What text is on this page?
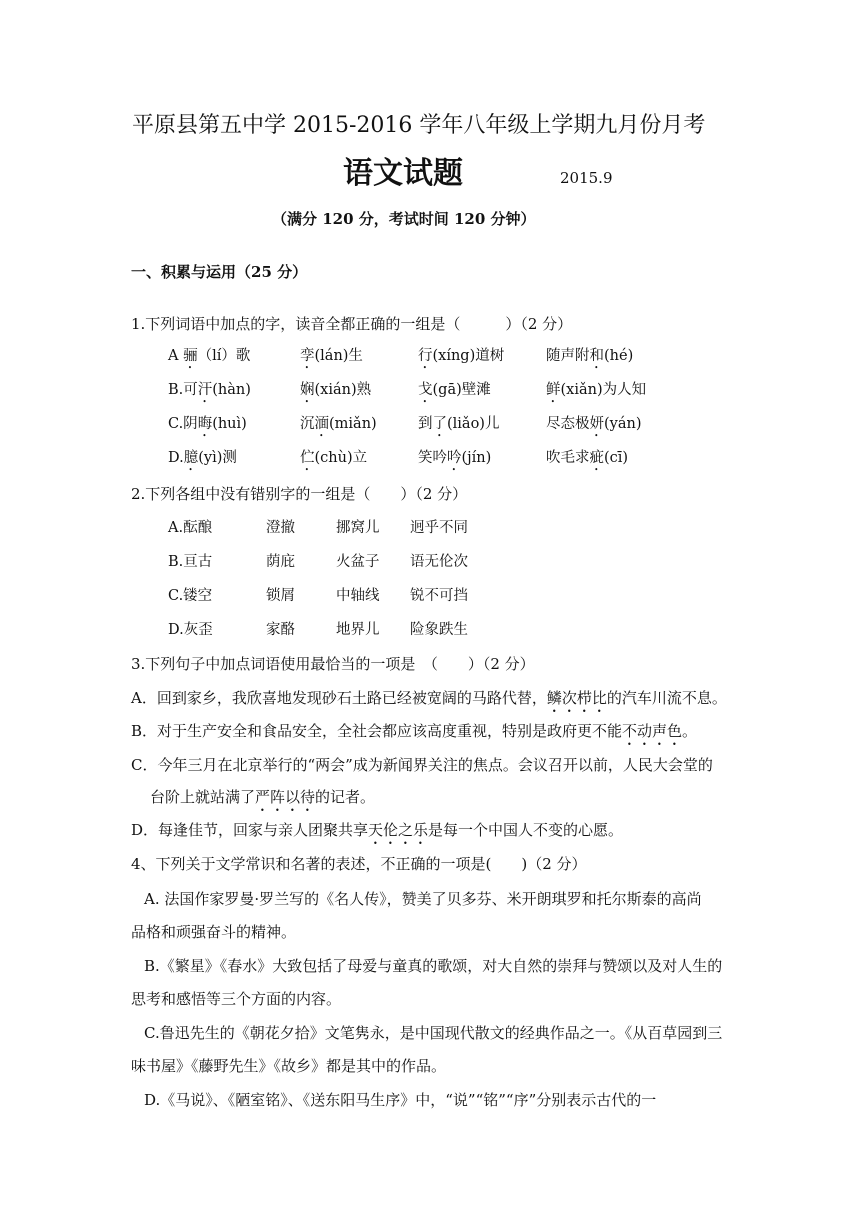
平原县第五中学 2015-2016 学年八年级上学期九月份月考
语文试题	2015.9
（满分 120 分，考试时间 120 分钟）
一、积累与运用（25 分）
1.下列词语中加点的字，读音全都正确的一组是（　　　）（2 分）
A 骊（lí）歌	孪(lán)生	行(xíng)道树	随声附和(hé)
B.可汗(hàn)	娴(xián)熟	戈(gā)壁滩	鲜(xiǎn)为人知
C.阴晦(huì)	沉湎(miǎn)	到了(liǎo)儿	尽态极妍(yán)
D.臆(yì)测	伫(chù)立	笑吟吟(jín)	吹毛求疵(cī)
2.下列各组中没有错别字的一组是（　　）（2 分）
A.酝酿	澄撤	挪窝儿 迥乎不同
B.亘古	荫庇	火盆子 语无伦次
C.镂空	锁屑	中轴线 锐不可挡
D.灰歪	家酪	地界儿 险象跌生
3.下列句子中加点词语使用最恰当的一项是　（　　）（2 分）
A．回到家乡，我欣喜地发现砂石土路已经被宽阔的马路代替，鳞次栉比的汽车川流不息。
B．对于生产安全和食品安全，全社会都应该高度重视，特别是政府更不能不动声色。
C．今年三月在北京举行的“两会”成为新闻界关注的焦点。会议召开以前，人民大会堂的
台阶上就站满了严阵以待的记者。
D．每逢佳节，回家与亲人团聚共享天伦之乐是每一个中国人不变的心愿。
4、下列关于文学常识和名著的表述，不正确的一项是(　　)（2 分）
A. 法国作家罗曼·罗兰写的《名人传》，赞美了贝多芬、米开朗琪罗和托尔斯泰的高尚
品格和顽强奋斗的精神。
B.《繁星》《春水》大致包括了母爱与童真的歌颂，对大自然的崇拜与赞颂以及对人生的
思考和感悟等三个方面的内容。
C.鲁迅先生的《朝花夕拾》文笔隽永，是中国现代散文的经典作品之一。《从百草园到三
味书屋》《藤野先生》《故乡》都是其中的作品。
D.《马说》、《陋室铭》、《送东阳马生序》中，“说”“铭”“序”分别表示古代的一
